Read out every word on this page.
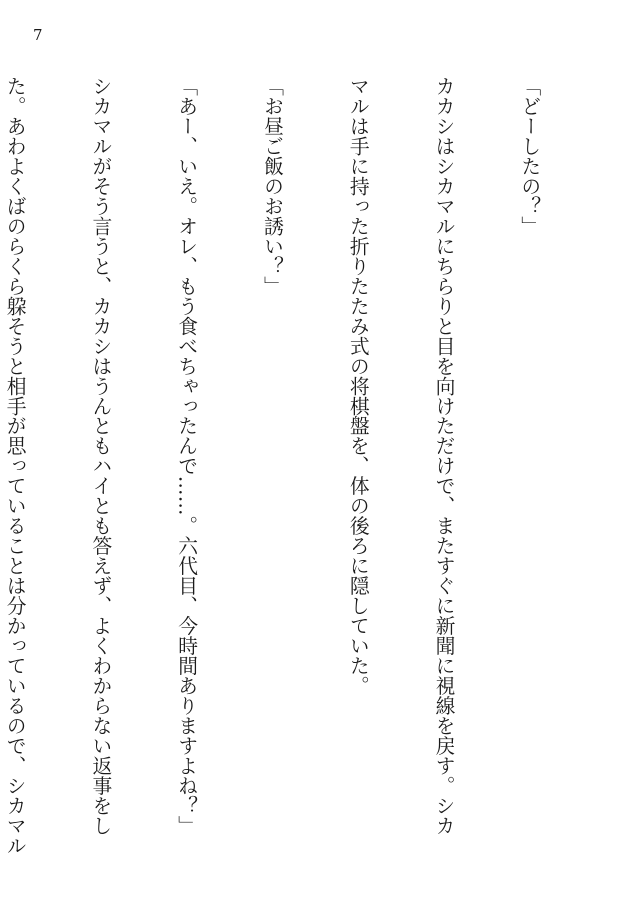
7

「どーしたの？」

カカシはシカマルにちらりと目を向けただけで、またすぐに新聞に視線を戻す。シカ

マルは手に持った折りたたみ式の将棋盤を、体の後ろに隠していた。

「お昼ご飯のお誘い？」

「あー、いえ。オレ、もう食べちゃったんで……。六代目、今時間ありますよね？」

シカマルがそう言うと、カカシはうんともハイとも答えず、よくわからない返事をし

た。あわよくばのらくら躱そうと相手が思っていることは分かっているので、シカマル
